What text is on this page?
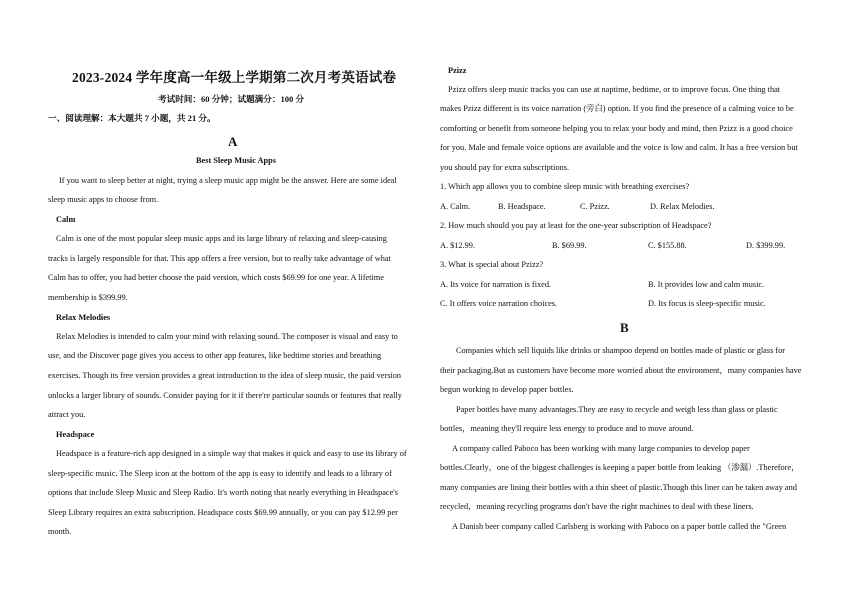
2023-2024 学年度高一年级上学期第二次月考英语试卷
考试时间：60 分钟；试题满分：100 分
一、阅读理解：本大题共 7 小题，共 21 分。
A
Best Sleep Music Apps
If you want to sleep better at night, trying a sleep music app might be the answer. Here are some ideal
sleep music apps to choose from.
Calm
Calm is one of the most popular sleep music apps and its large library of relaxing and sleep-causing
tracks is largely responsible for that. This app offers a free version, but to really take advantage of what
Calm has to offer, you had better choose the paid version, which costs $69.99 for one year. A lifetime
membership is $399.99.
Relax Melodies
Relax Melodies is intended to calm your mind with relaxing sound. The composer is visual and easy to
use, and the Discover page gives you access to other app features, like bedtime stories and breathing
exercises. Though its free version provides a great introduction to the idea of sleep music, the paid version
unlocks a larger library of sounds. Consider paying for it if there're particular sounds or features that really
attract you.
Headspace
Headspace is a feature-rich app designed in a simple way that makes it quick and easy to use its library of
sleep-specific music. The Sleep icon at the bottom of the app is easy to identify and leads to a library of
options that include Sleep Music and Sleep Radio. It's worth noting that nearly everything in Headspace's
Sleep Library requires an extra subscription. Headspace costs $69.99 annually, or you can pay $12.99 per
month.
Pzizz
Pzizz offers sleep music tracks you can use at naptime, bedtime, or to improve focus. One thing that
makes Pzizz different is its voice narration (旁白) option. If you find the presence of a calming voice to be
comforting or benefit from someone helping you to relax your body and mind, then Pzizz is a good choice
for you. Male and female voice options are available and the voice is low and calm. It has a free version but
you should pay for extra subscriptions.
1. Which app allows you to combine sleep music with breathing exercises?
A. Calm.	B. Headspace.	C. Pzizz.	D. Relax Melodies.
2. How much should you pay at least for the one-year subscription of Headspace?
A. $12.99.	B. $69.99.	C. $155.88.	D. $399.99.
3. What is special about Pzizz?
A. Its voice for narration is fixed.	B. It provides low and calm music.
C. It offers voice narration choices.	D. Its focus is sleep-specific music.
B
Companies which sell liquids like drinks or shampoo depend on bottles made of plastic or glass for
their packaging.But as customers have become more worried about the environment，many companies have
begun working to develop paper bottles.
Paper bottles have many advantages.They are easy to recycle and weigh less than glass or plastic
bottles，meaning they'll require less energy to produce and to move around.
A company called Paboco has been working with many large companies to develop paper
bottles.Clearly，one of the biggest challenges is keeping a paper bottle from leaking （渗漏）.Therefore，
many companies are lining their bottles with a thin sheet of plastic.Though this liner can be taken away and
recycled，meaning recycling programs don't have the right machines to deal with these liners.
A Danish beer company called Carlsberg is working with Paboco on a paper bottle called the "Green
